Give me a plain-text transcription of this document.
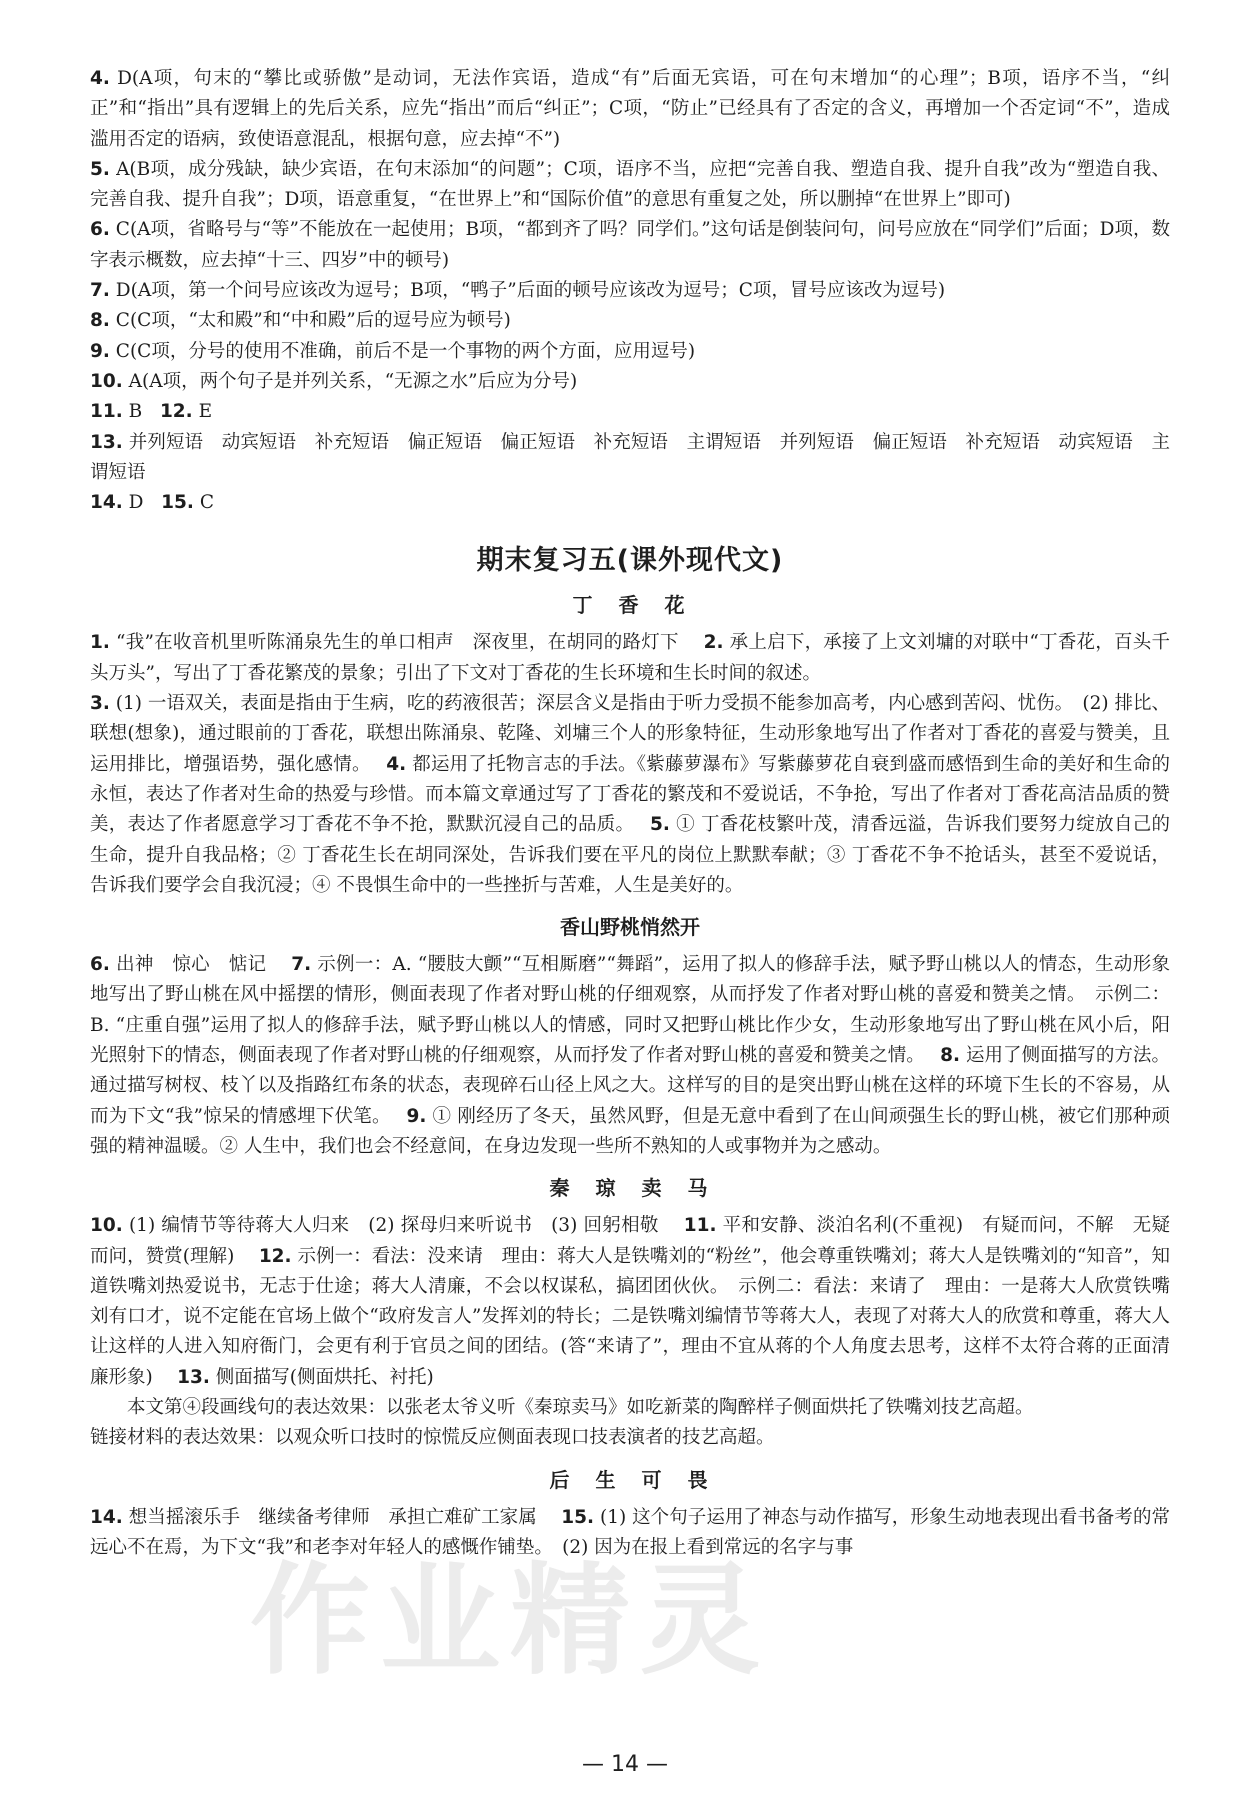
4. D(A项，句末的“攀比或骄傲”是动词，无法作宾语，造成“有”后面无宾语，可在句末增加“的心理”；B项，语序不当，“纠正”和“指出”具有逻辑上的先后关系，应先“指出”而后“纠正”；C项，“防止”已经具有了否定的含义，再增加一个否定词“不”，造成滥用否定的语病，致使语意混乱，根据句意，应去掉“不”)

5. A(B项，成分残缺，缺少宾语，在句末添加“的问题”；C项，语序不当，应把“完善自我、塑造自我、提升自我”改为“塑造自我、完善自我、提升自我”；D项，语意重复，“在世界上”和“国际价值”的意思有重复之处，所以删掉“在世界上”即可)

6. C(A项，省略号与“等”不能放在一起使用；B项，“都到齐了吗？同学们。”这句话是倒装问句，问号应放在“同学们”后面；D项，数字表示概数，应去掉“十三、四岁”中的顿号)

7. D(A项，第一个问号应该改为逗号；B项，“鸭子”后面的顿号应该改为逗号；C项，冒号应该改为逗号)

8. C(C项，“太和殿”和“中和殿”后的逗号应为顿号)

9. C(C项，分号的使用不准确，前后不是一个事物的两个方面，应用逗号)

10. A(A项，两个句子是并列关系，“无源之水”后应为分号)

11. B 12. E

13. 并列短语　动宾短语　补充短语　偏正短语　偏正短语　补充短语　主谓短语　并列短语　偏正短语　补充短语　动宾短语　主谓短语

14. D 15. C

期末复习五(课外现代文)
丁　香　花

1. “我”在收音机里听陈涌泉先生的单口相声　深夜里，在胡同的路灯下　 2. 承上启下，承接了上文刘墉的对联中“丁香花，百头千头万头”，写出了丁香花繁茂的景象；引出了下文对丁香花的生长环境和生长时间的叙述。

3. (1) 一语双关，表面是指由于生病，吃的药液很苦；深层含义是指由于听力受损不能参加高考，内心感到苦闷、忧伤。　(2) 排比、联想(想象)，通过眼前的丁香花，联想出陈涌泉、乾隆、刘墉三个人的形象特征，生动形象地写出了作者对丁香花的喜爱与赞美，且运用排比，增强语势，强化感情。　 4. 都运用了托物言志的手法。《紫藤萝瀑布》写紫藤萝花自衰到盛而感悟到生命的美好和生命的永恒，表达了作者对生命的热爱与珍惜。而本篇文章通过写了丁香花的繁茂和不爱说话，不争抢，写出了作者对丁香花高洁品质的赞美，表达了作者愿意学习丁香花不争不抢，默默沉浸自己的品质。　 5. ① 丁香花枝繁叶茂，清香远溢，告诉我们要努力绽放自己的生命，提升自我品格；② 丁香花生长在胡同深处，告诉我们要在平凡的岗位上默默奉献；③ 丁香花不争不抢话头，甚至不爱说话，告诉我们要学会自我沉浸；④ 不畏惧生命中的一些挫折与苦难，人生是美好的。

香山野桃悄然开

6. 出神　惊心　惦记　 7. 示例一：A. “腰肢大颤”“互相厮磨”“舞蹈”，运用了拟人的修辞手法，赋予野山桃以人的情态，生动形象地写出了野山桃在风中摇摆的情形，侧面表现了作者对野山桃的仔细观察，从而抒发了作者对野山桃的喜爱和赞美之情。　示例二：B. “庄重自强”运用了拟人的修辞手法，赋予野山桃以人的情感，同时又把野山桃比作少女，生动形象地写出了野山桃在风小后，阳光照射下的情态，侧面表现了作者对野山桃的仔细观察，从而抒发了作者对野山桃的喜爱和赞美之情。　 8. 运用了侧面描写的方法。通过描写树杈、枝丫以及指路红布条的状态，表现碎石山径上风之大。这样写的目的是突出野山桃在这样的环境下生长的不容易，从而为下文“我”惊呆的情感埋下伏笔。　 9. ① 刚经历了冬天，虽然风野，但是无意中看到了在山间顽强生长的野山桃，被它们那种顽强的精神温暖。② 人生中，我们也会不经意间，在身边发现一些所不熟知的人或事物并为之感动。

秦　琼　卖　马

10. (1) 编情节等待蒋大人归来　(2) 探母归来听说书　(3) 回躬相敬　 11. 平和安静、淡泊名利(不重视)　有疑而问，不解　无疑而问，赞赏(理解)　 12. 示例一：看法：没来请　理由：蒋大人是铁嘴刘的“粉丝”，他会尊重铁嘴刘；蒋大人是铁嘴刘的“知音”，知道铁嘴刘热爱说书，无志于仕途；蒋大人清廉，不会以权谋私，搞团团伙伙。　示例二：看法：来请了　理由：一是蒋大人欣赏铁嘴刘有口才，说不定能在官场上做个“政府发言人”发挥刘的特长；二是铁嘴刘编情节等蒋大人，表现了对蒋大人的欣赏和尊重，蒋大人让这样的人进入知府衙门，会更有利于官员之间的团结。(答“来请了”，理由不宜从蒋的个人角度去思考，这样不太符合蒋的正面清廉形象)　 13. 侧面描写(侧面烘托、衬托)

本文第④段画线句的表达效果：以张老太爷义听《秦琼卖马》如吃新菜的陶醉样子侧面烘托了铁嘴刘技艺高超。

链接材料的表达效果：以观众听口技时的惊慌反应侧面表现口技表演者的技艺高超。

后　生　可　畏

14. 想当摇滚乐手　继续备考律师　承担亡难矿工家属　 15. (1) 这个句子运用了神态与动作描写，形象生动地表现出看书备考的常远心不在焉，为下文“我”和老李对年轻人的感慨作铺垫。　(2) 因为在报上看到常远的名字与事

作业精灵
— 14 —
